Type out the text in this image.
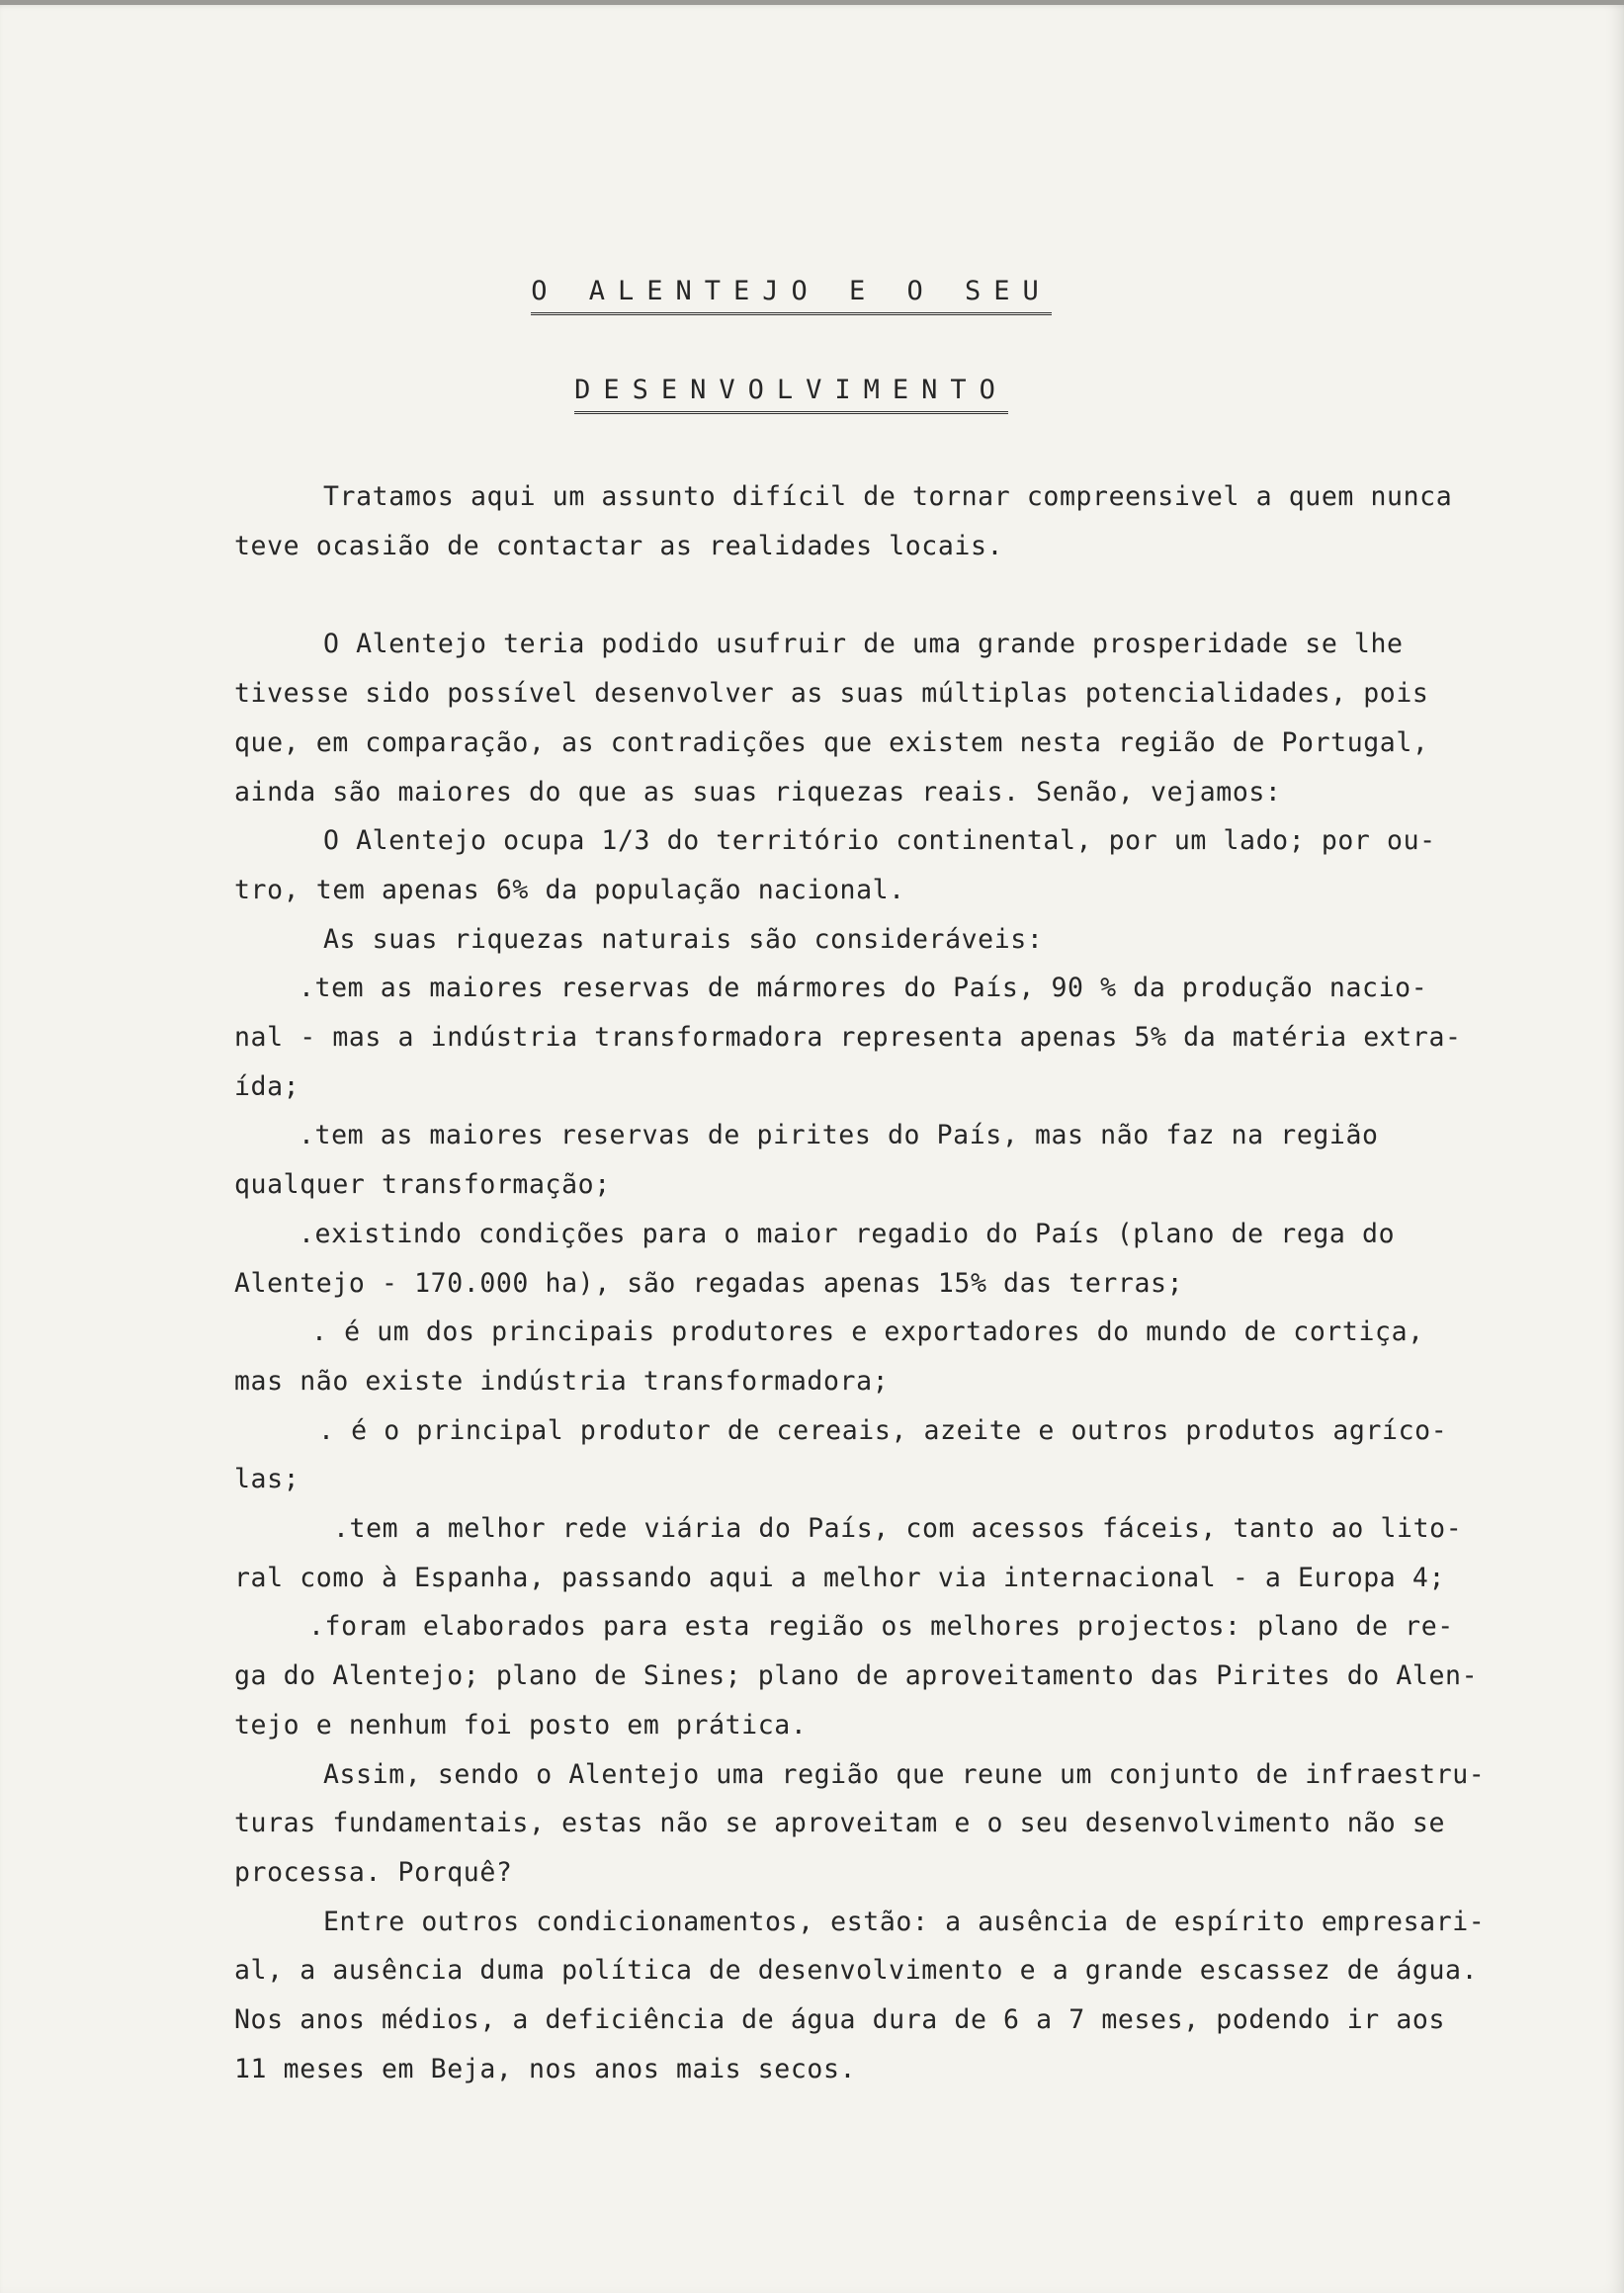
O ALENTEJO E O SEU
DESENVOLVIMENTO

Tratamos aqui um assunto difícil de tornar compreensivel a quem nunca

teve ocasião de contactar as realidades locais.

O Alentejo teria podido usufruir de uma grande prosperidade se lhe

tivesse sido possível desenvolver as suas múltiplas potencialidades, pois

que, em comparação, as contradições que existem nesta região de Portugal,

ainda são maiores do que as suas riquezas reais. Senão, vejamos:

O Alentejo ocupa 1/3 do território continental, por um lado; por ou-

tro, tem apenas 6% da população nacional.

As suas riquezas naturais são consideráveis:

.tem as maiores reservas de mármores do País, 90 % da produção nacio-

nal - mas a indústria transformadora representa apenas 5% da matéria extra-

ída;

.tem as maiores reservas de pirites do País, mas não faz na região

qualquer transformação;

.existindo condições para o maior regadio do País (plano de rega do

Alentejo - 170.000 ha), são regadas apenas 15% das terras;

. é um dos principais produtores e exportadores do mundo de cortiça,

mas não existe indústria transformadora;

. é o principal produtor de cereais, azeite e outros produtos agríco-

las;

.tem a melhor rede viária do País, com acessos fáceis, tanto ao lito-

ral como à Espanha, passando aqui a melhor via internacional - a Europa 4;

.foram elaborados para esta região os melhores projectos: plano de re-

ga do Alentejo; plano de Sines; plano de aproveitamento das Pirites do Alen-

tejo e nenhum foi posto em prática.

Assim, sendo o Alentejo uma região que reune um conjunto de infraestru-

turas fundamentais, estas não se aproveitam e o seu desenvolvimento não se

processa. Porquê?

Entre outros condicionamentos, estão: a ausência de espírito empresari-

al, a ausência duma política de desenvolvimento e a grande escassez de água.

Nos anos médios, a deficiência de água dura de 6 a 7 meses, podendo ir aos

11 meses em Beja, nos anos mais secos.
